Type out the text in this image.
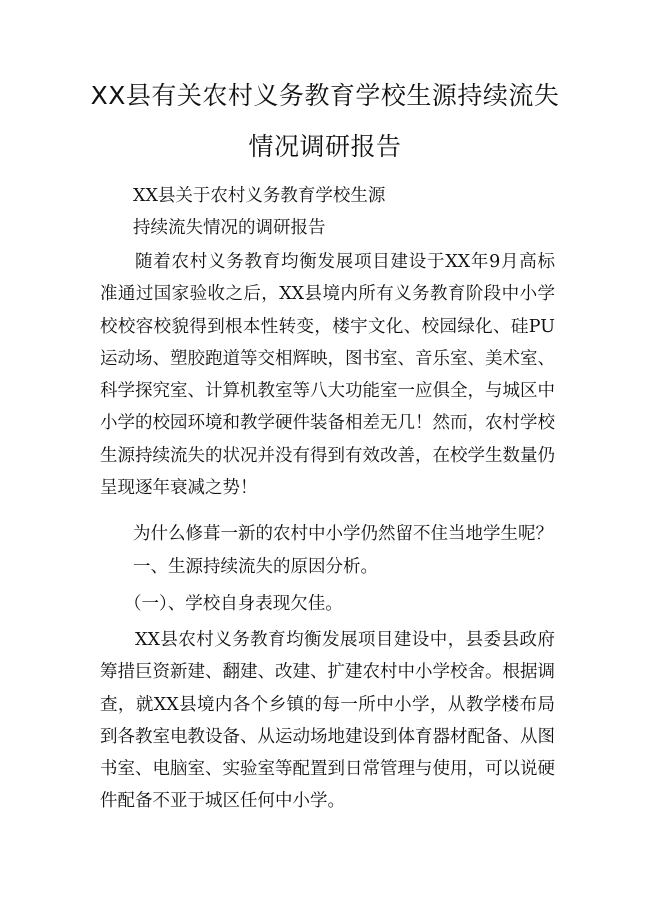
XX县有关农村义务教育学校生源持续流失
情况调研报告
XX县关于农村义务教育学校生源
持续流失情况的调研报告
随着农村义务教育均衡发展项目建设于XX年9月高标准通过国家验收之后，XX县境内所有义务教育阶段中小学校校容校貌得到根本性转变，楼宇文化、校园绿化、硅PU运动场、塑胶跑道等交相辉映，图书室、音乐室、美术室、科学探究室、计算机教室等八大功能室一应俱全，与城区中小学的校园环境和教学硬件装备相差无几！然而，农村学校生源持续流失的状况并没有得到有效改善，在校学生数量仍呈现逐年衰减之势！
为什么修葺一新的农村中小学仍然留不住当地学生呢？
一、生源持续流失的原因分析。
（一）、学校自身表现欠佳。
XX县农村义务教育均衡发展项目建设中，县委县政府筹措巨资新建、翻建、改建、扩建农村中小学校舍。根据调查，就XX县境内各个乡镇的每一所中小学，从教学楼布局到各教室电教设备、从运动场地建设到体育器材配备、从图书室、电脑室、实验室等配置到日常管理与使用，可以说硬件配备不亚于城区任何中小学。
